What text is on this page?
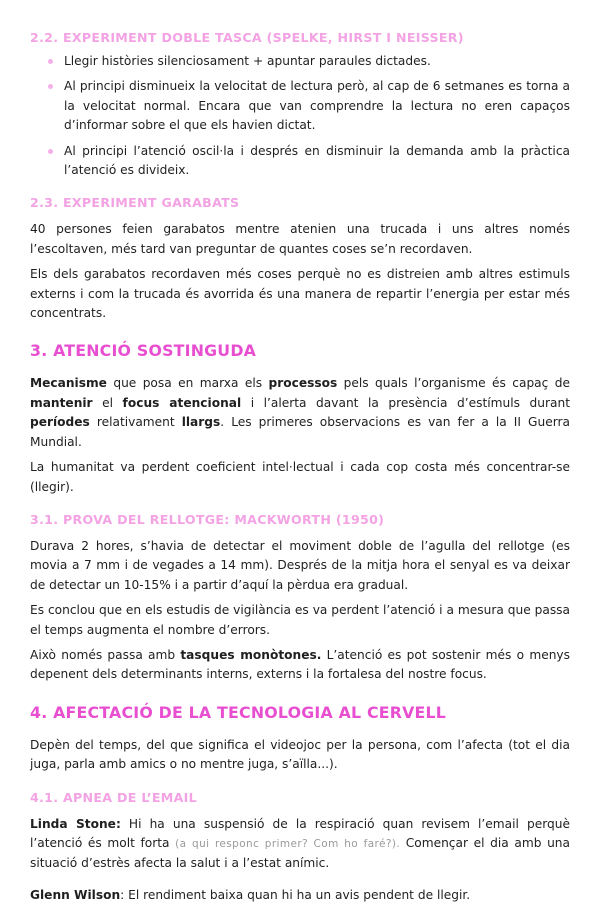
2.2. EXPERIMENT DOBLE TASCA (SPELKE, HIRST I NEISSER)
Llegir històries silenciosament + apuntar paraules dictades.
Al principi disminueix la velocitat de lectura però, al cap de 6 setmanes es torna a la velocitat normal. Encara que van comprendre la lectura no eren capaços d’informar sobre el que els havien dictat.
Al principi l’atenció oscil·la i després en disminuir la demanda amb la pràctica l’atenció es divideix.
2.3. EXPERIMENT GARABATS

40 persones feien garabatos mentre atenien una trucada i uns altres només l’escoltaven, més tard van preguntar de quantes coses se’n recordaven.

Els dels garabatos recordaven més coses perquè no es distreien amb altres estimuls externs i com la trucada és avorrida és una manera de repartir l’energia per estar més concentrats.

3. ATENCIÓ SOSTINGUDA

Mecanisme que posa en marxa els processos pels quals l’organisme és capaç de mantenir el focus atencional i l’alerta davant la presència d’estímuls durant períodes relativament llargs. Les primeres observacions es van fer a la II Guerra Mundial.

La humanitat va perdent coeficient intel·lectual i cada cop costa més concentrar-se (llegir).

3.1. PROVA DEL RELLOTGE: MACKWORTH (1950)

Durava 2 hores, s’havia de detectar el moviment doble de l’agulla del rellotge (es movia a 7 mm i de vegades a 14 mm). Després de la mitja hora el senyal es va deixar de detectar un 10-15% i a partir d’aquí la pèrdua era gradual.

Es conclou que en els estudis de vigilància es va perdent l’atenció i a mesura que passa el temps augmenta el nombre d’errors.

Això només passa amb tasques monòtones. L’atenció es pot sostenir més o menys depenent dels determinants interns, externs i la fortalesa del nostre focus.

4. AFECTACIÓ DE LA TECNOLOGIA AL CERVELL

Depèn del temps, del que significa el videojoc per la persona, com l’afecta (tot el dia juga, parla amb amics o no mentre juga, s’aïlla...).

4.1. APNEA DE L’EMAIL

Linda Stone: Hi ha una suspensió de la respiració quan revisem l’email perquè l’atenció és molt forta (a qui responc primer? Com ho faré?). Començar el dia amb una situació d’estrès afecta la salut i a l’estat anímic.

Glenn Wilson: El rendiment baixa quan hi ha un avis pendent de llegir.
